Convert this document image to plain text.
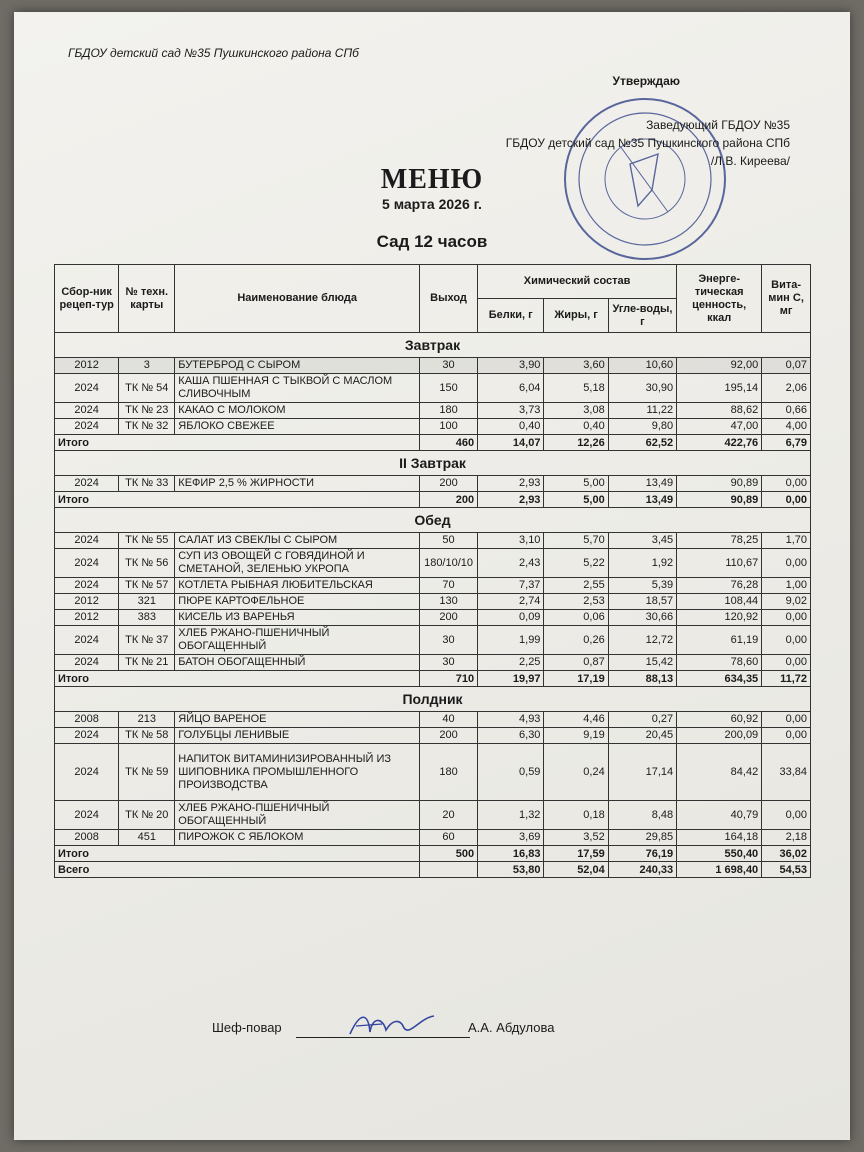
ГБДОУ детский сад №35 Пушкинского района СПб
Утверждаю
Заведующий ГБДОУ №35
ГБДОУ детский сад №35 Пушкинского района СПб
/Л.В. Киреева/
МЕНЮ
5 марта 2026 г.
Сад 12 часов
Сбор-ник рецеп-тур	№ техн. карты	Наименование блюда	Выход	Химический состав			Энерге-тическая ценность, ккал	Вита-мин С, мг
				Белки, г	Жиры, г	Угле-воды, г		
Завтрак								
2012	3	БУТЕРБРОД С СЫРОМ	30	3,90	3,60	10,60	92,00	0,07
2024	ТК № 54	КАША ПШЕННАЯ С ТЫКВОЙ С МАСЛОМ СЛИВОЧНЫМ	150	6,04	5,18	30,90	195,14	2,06
2024	ТК № 23	КАКАО С МОЛОКОМ	180	3,73	3,08	11,22	88,62	0,66
2024	ТК № 32	ЯБЛОКО СВЕЖЕЕ	100	0,40	0,40	9,80	47,00	4,00
Итого			460	14,07	12,26	62,52	422,76	6,79
II Завтрак								
2024	ТК № 33	КЕФИР 2,5 % ЖИРНОСТИ	200	2,93	5,00	13,49	90,89	0,00
Итого			200	2,93	5,00	13,49	90,89	0,00
Обед								
2024	ТК № 55	САЛАТ ИЗ СВЕКЛЫ С СЫРОМ	50	3,10	5,70	3,45	78,25	1,70
2024	ТК № 56	СУП ИЗ ОВОЩЕЙ С ГОВЯДИНОЙ И СМЕТАНОЙ, ЗЕЛЕНЬЮ УКРОПА	180/10/10	2,43	5,22	1,92	110,67	0,00
2024	ТК № 57	КОТЛЕТА РЫБНАЯ ЛЮБИТЕЛЬСКАЯ	70	7,37	2,55	5,39	76,28	1,00
2012	321	ПЮРЕ КАРТОФЕЛЬНОЕ	130	2,74	2,53	18,57	108,44	9,02
2012	383	КИСЕЛЬ ИЗ ВАРЕНЬЯ	200	0,09	0,06	30,66	120,92	0,00
2024	ТК № 37	ХЛЕБ РЖАНО-ПШЕНИЧНЫЙ ОБОГАЩЕННЫЙ	30	1,99	0,26	12,72	61,19	0,00
2024	ТК № 21	БАТОН ОБОГАЩЕННЫЙ	30	2,25	0,87	15,42	78,60	0,00
Итого			710	19,97	17,19	88,13	634,35	11,72
Полдник								
2008	213	ЯЙЦО ВАРЕНОЕ	40	4,93	4,46	0,27	60,92	0,00
2024	ТК № 58	ГОЛУБЦЫ ЛЕНИВЫЕ	200	6,30	9,19	20,45	200,09	0,00
2024	ТК № 59	НАПИТОК ВИТАМИНИЗИРОВАННЫЙ ИЗ ШИПОВНИКА ПРОМЫШЛЕННОГО ПРОИЗВОДСТВА	180	0,59	0,24	17,14	84,42	33,84
2024	ТК № 20	ХЛЕБ РЖАНО-ПШЕНИЧНЫЙ ОБОГАЩЕННЫЙ	20	1,32	0,18	8,48	40,79	0,00
2008	451	ПИРОЖОК С ЯБЛОКОМ	60	3,69	3,52	29,85	164,18	2,18
Итого			500	16,83	17,59	76,19	550,40	36,02
Всего				53,80	52,04	240,33	1 698,40	54,53
Шеф-повар	А.А. Абдулова
